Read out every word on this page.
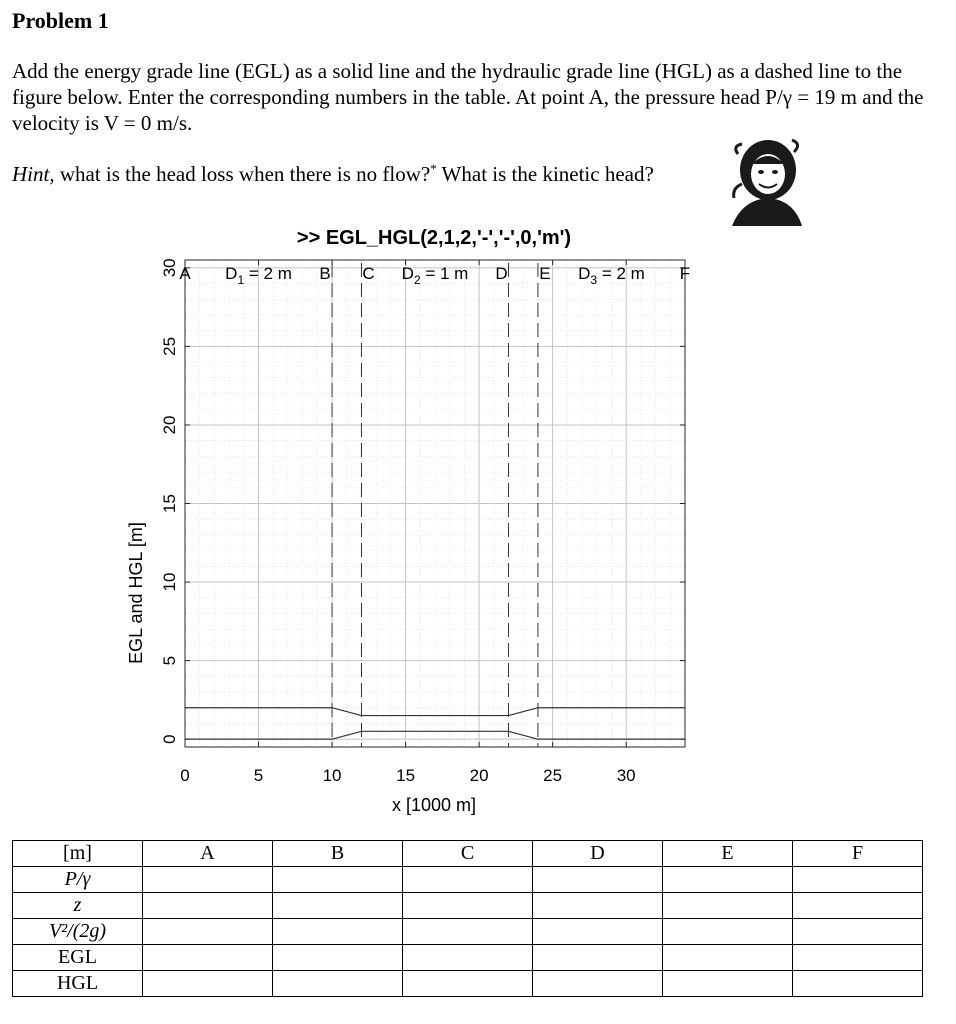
Problem 1
Add the energy grade line (EGL) as a solid line and the hydraulic grade line (HGL) as a dashed line to the figure below. Enter the corresponding numbers in the table. At point A, the pressure head P/γ = 19 m and the velocity is V = 0 m/s.
Hint, what is the head loss when there is no flow?* What is the kinetic head?
>> EGL_HGL(2,1,2,'-','-',0,'m')
0	5	10	15	20	25	30
0
5
10
15
20
25
30 A	B C	D E	F
$D_1 = 2$ m	$D_2 = 1$ m	$D_3 = 2$ m
x [1000 m]
EGL and HGL [m]
[m]	A	B	C	D	E	F
P/γ						
z						
V²/(2g)						
EGL						
HGL						
